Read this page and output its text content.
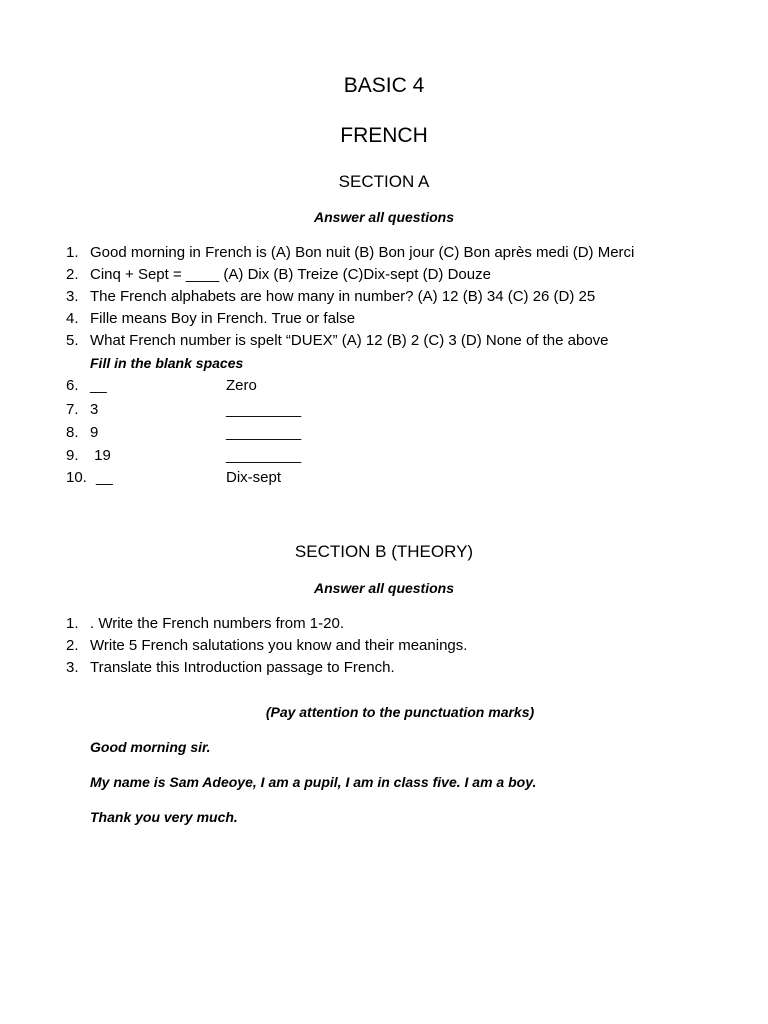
BASIC 4
FRENCH
SECTION A
Answer all questions
1. Good morning in French is (A) Bon nuit (B) Bon jour (C) Bon après medi (D) Merci
2. Cinq + Sept = ____ (A) Dix (B) Treize (C)Dix-sept (D) Douze
3. The French alphabets are how many in number? (A) 12 (B) 34 (C) 26 (D) 25
4. Fille means Boy in French. True or false
5. What French number is spelt “DUEX” (A) 12 (B) 2 (C) 3 (D) None of the above
Fill in the blank spaces
6. __	Zero
7. 3	_________
8. 9	_________
9. 19	_________
10. __	Dix-sept
SECTION B (THEORY)
Answer all questions
1. . Write the French numbers from 1-20.
2. Write 5 French salutations you know and their meanings.
3. Translate this Introduction passage to French.
(Pay attention to the punctuation marks)
Good morning sir.
My name is Sam Adeoye, I am a pupil, I am in class five. I am a boy.
Thank you very much.
